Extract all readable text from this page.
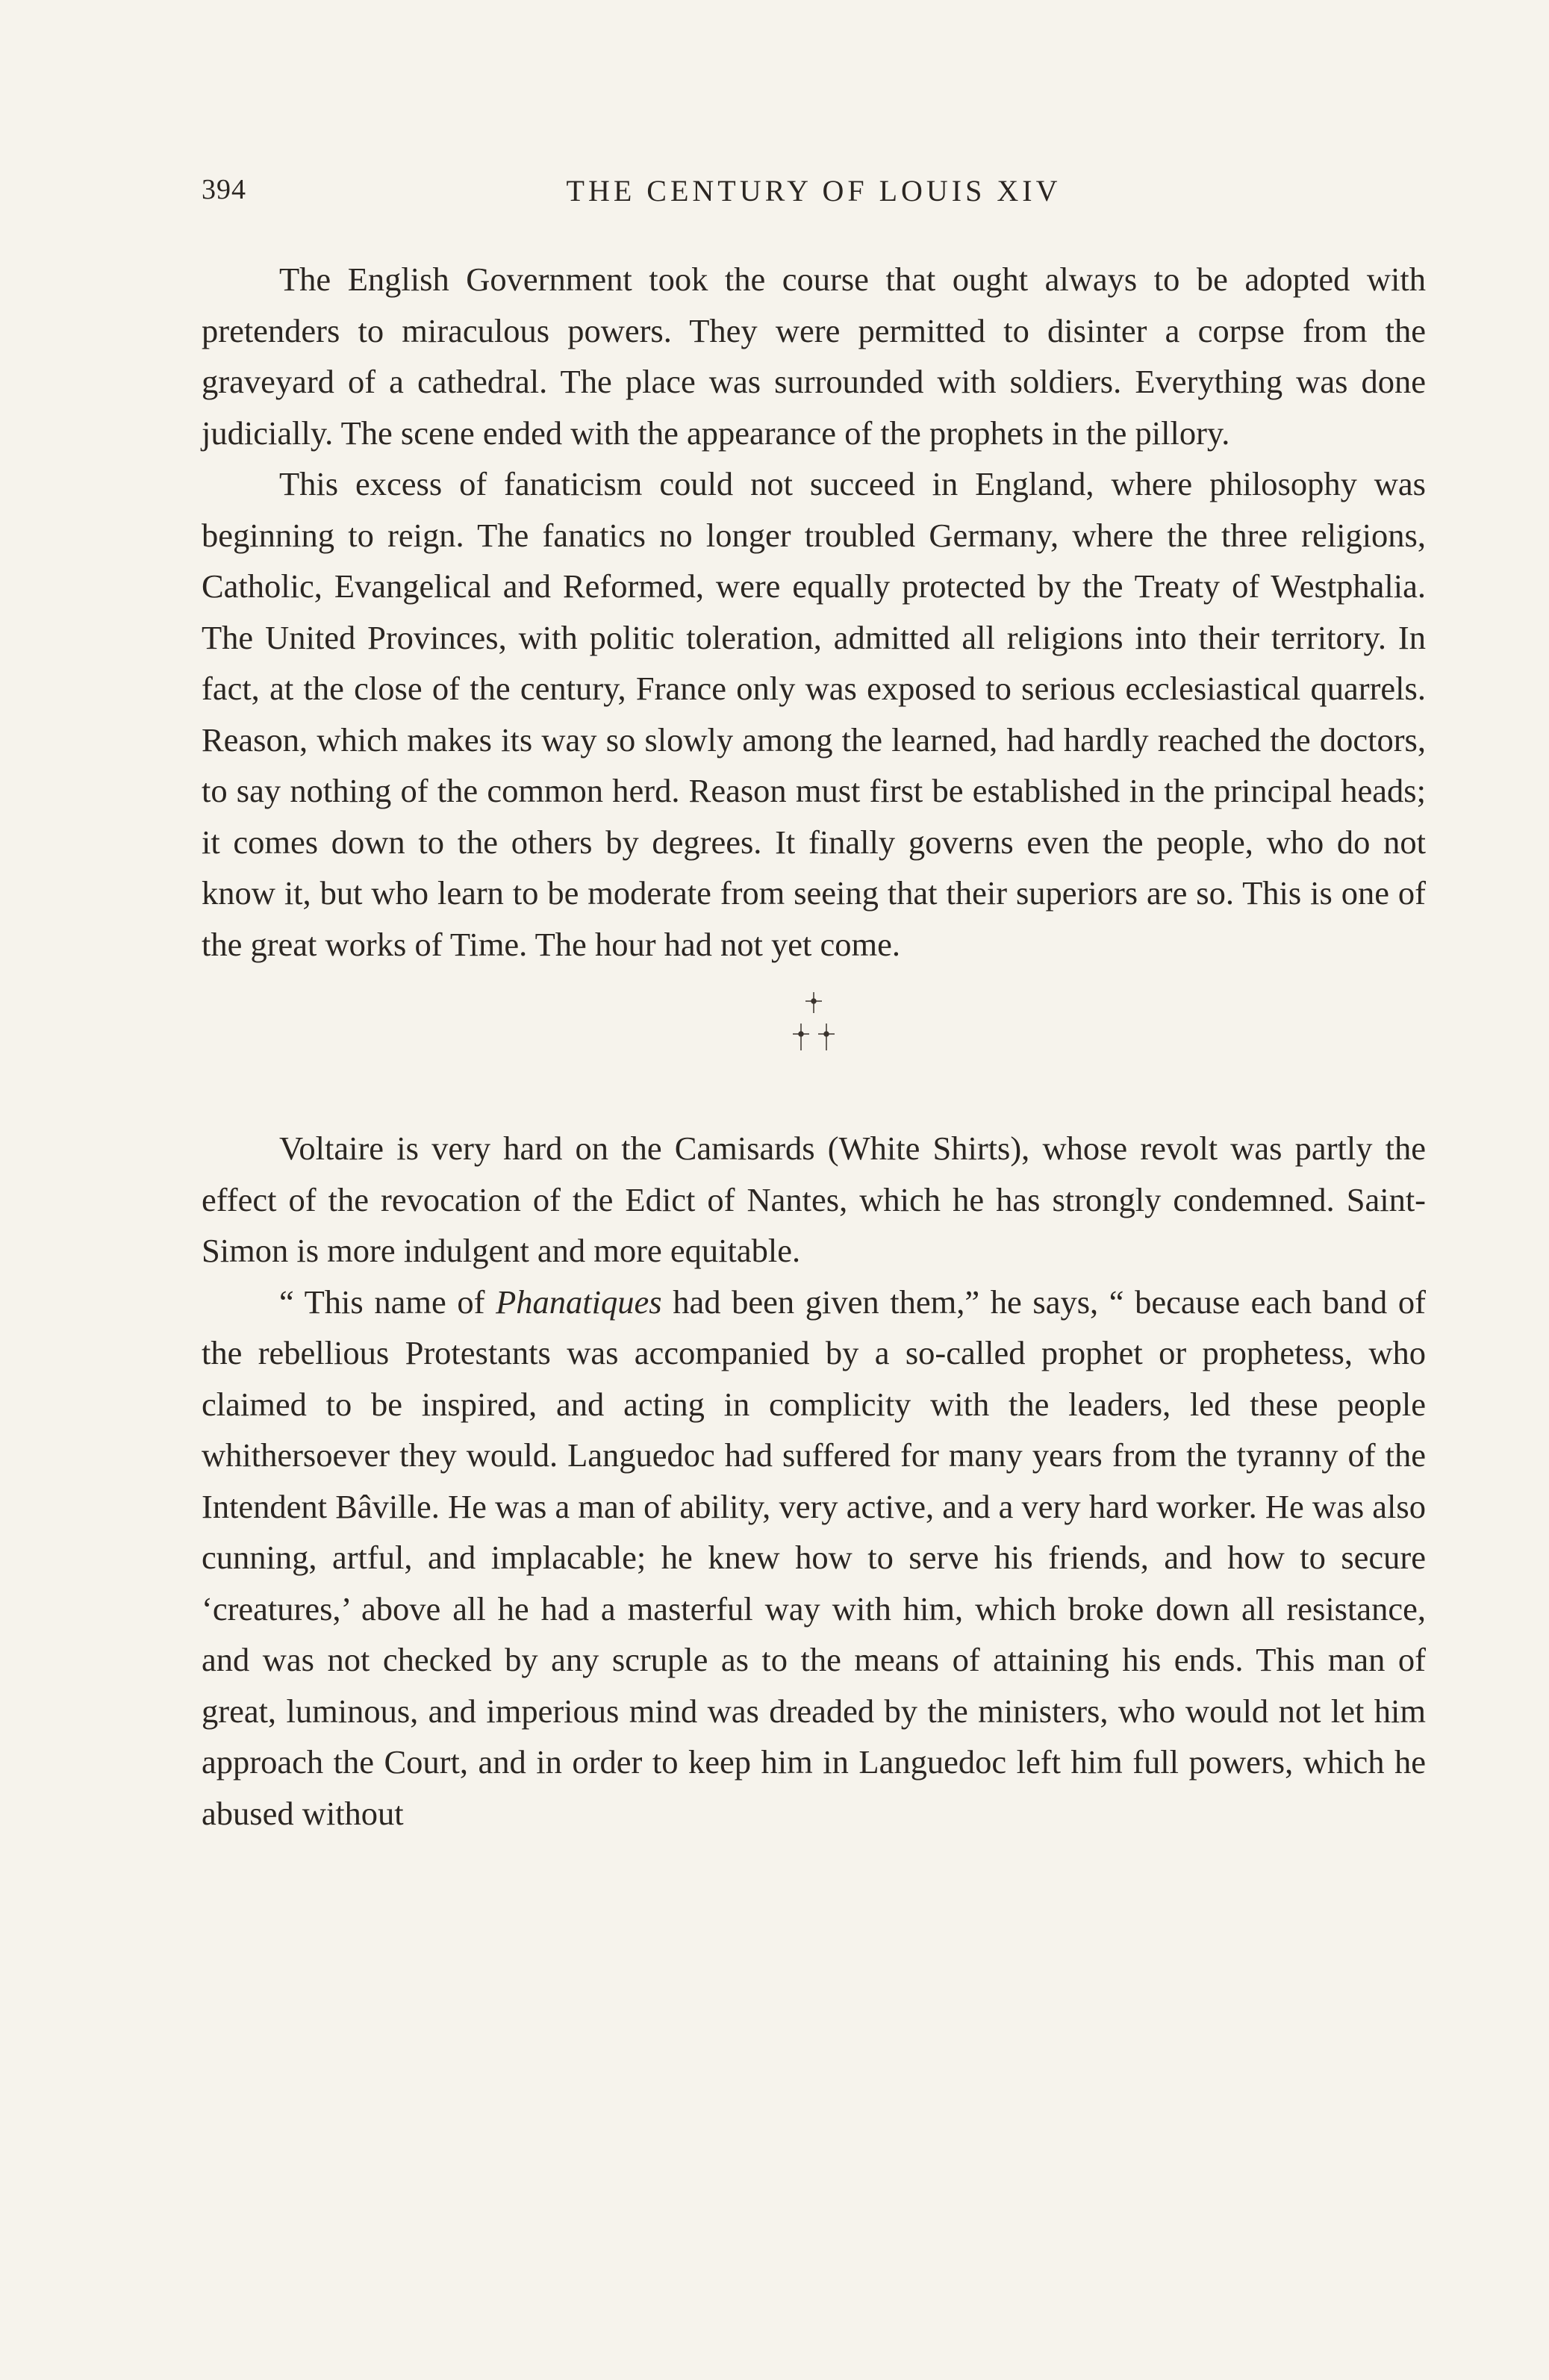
394	THE CENTURY OF LOUIS XIV

The English Government took the course that ought always to be adopted with pretenders to miraculous powers. They were permitted to disinter a corpse from the graveyard of a cathedral. The place was surrounded with soldiers. Everything was done judicially. The scene ended with the appearance of the prophets in the pillory.

This excess of fanaticism could not succeed in England, where philosophy was beginning to reign. The fanatics no longer troubled Germany, where the three religions, Catholic, Evangelical and Reformed, were equally protected by the Treaty of Westphalia. The United Provinces, with politic toleration, admitted all religions into their territory. In fact, at the close of the century, France only was exposed to serious ecclesiastical quarrels. Reason, which makes its way so slowly among the learned, had hardly reached the doctors, to say nothing of the common herd. Reason must first be established in the principal heads; it comes down to the others by degrees. It finally governs even the people, who do not know it, but who learn to be moderate from seeing that their superiors are so. This is one of the great works of Time. The hour had not yet come.

Voltaire is very hard on the Camisards (White Shirts), whose revolt was partly the effect of the revocation of the Edict of Nantes, which he has strongly condemned. Saint-Simon is more indulgent and more equitable.

“ This name of Phanatiques had been given them,” he says, “ because each band of the rebellious Protestants was accompanied by a so-called prophet or prophetess, who claimed to be inspired, and acting in complicity with the leaders, led these people whithersoever they would. Languedoc had suffered for many years from the tyranny of the Intendent Bâville. He was a man of ability, very active, and a very hard worker. He was also cunning, artful, and implacable; he knew how to serve his friends, and how to secure ‘creatures,’ above all he had a masterful way with him, which broke down all resistance, and was not checked by any scruple as to the means of attaining his ends. This man of great, luminous, and imperious mind was dreaded by the ministers, who would not let him approach the Court, and in order to keep him in Languedoc left him full powers, which he abused without
